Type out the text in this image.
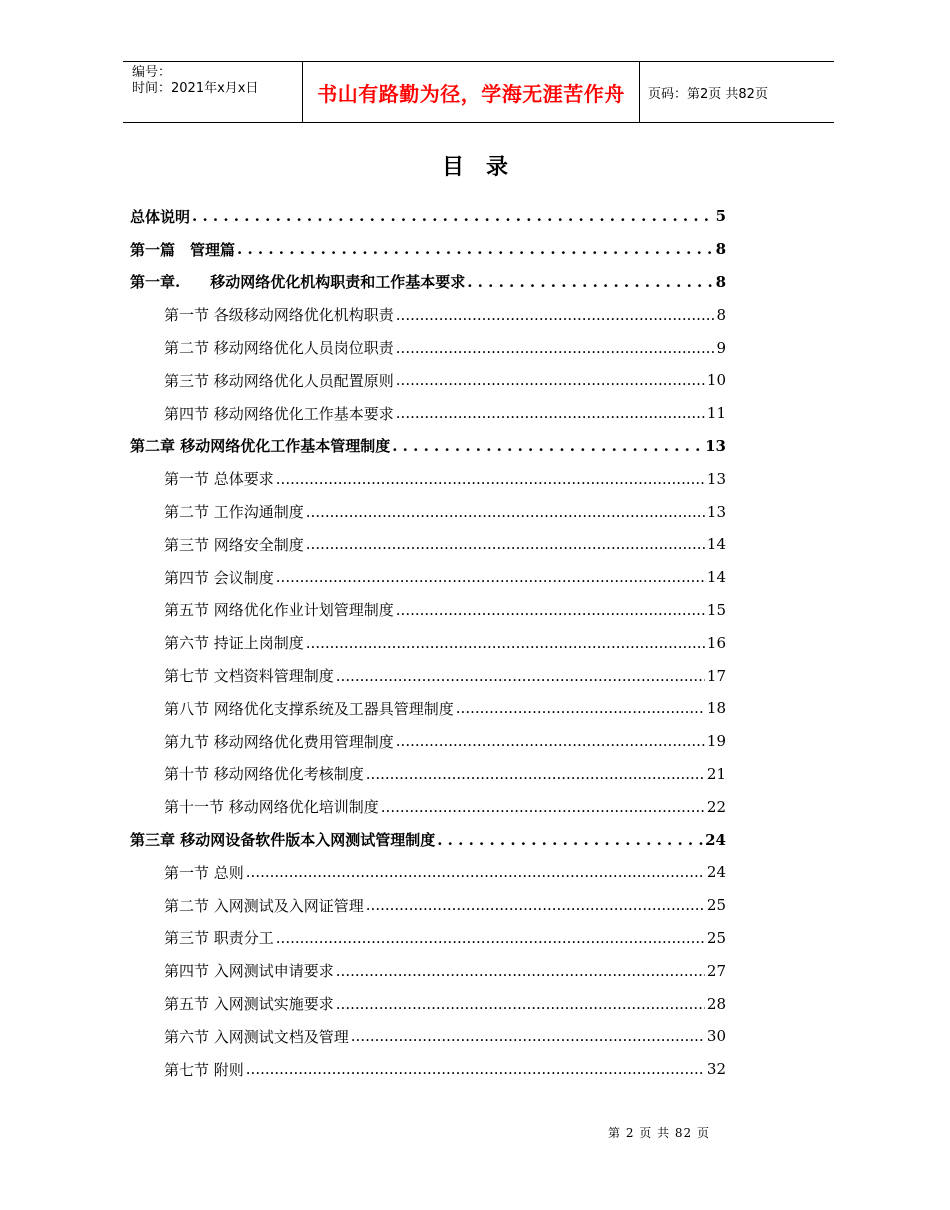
编号：
时间：2021年x月x日	书山有路勤为径，学海无涯苦作舟	页码：第2页 共82页
目录
总体说明 . . .	5
第一篇　管理篇 . . .	8
第一章.　　移动网络优化机构职责和工作基本要求 . . .	8
第一节 各级移动网络优化机构职责 .....	8
第二节 移动网络优化人员岗位职责 .....	9
第三节 移动网络优化人员配置原则 .....	10
第四节 移动网络优化工作基本要求 .....	11
第二章 移动网络优化工作基本管理制度 . . .	13
第一节 总体要求 .....	13
第二节 工作沟通制度 .....	13
第三节 网络安全制度 .....	14
第四节 会议制度 .....	14
第五节 网络优化作业计划管理制度 .....	15
第六节 持证上岗制度 .....	16
第七节 文档资料管理制度 .....	17
第八节 网络优化支撑系统及工器具管理制度 .....	18
第九节 移动网络优化费用管理制度 .....	19
第十节 移动网络优化考核制度 .....	21
第十一节 移动网络优化培训制度 .....	22
第三章 移动网设备软件版本入网测试管理制度 . . .	24
第一节 总则 .....	24
第二节 入网测试及入网证管理 .....	25
第三节 职责分工 .....	25
第四节 入网测试申请要求 .....	27
第五节 入网测试实施要求 .....	28
第六节 入网测试文档及管理 .....	30
第七节 附则 .....	32
第 2 页 共 82 页
